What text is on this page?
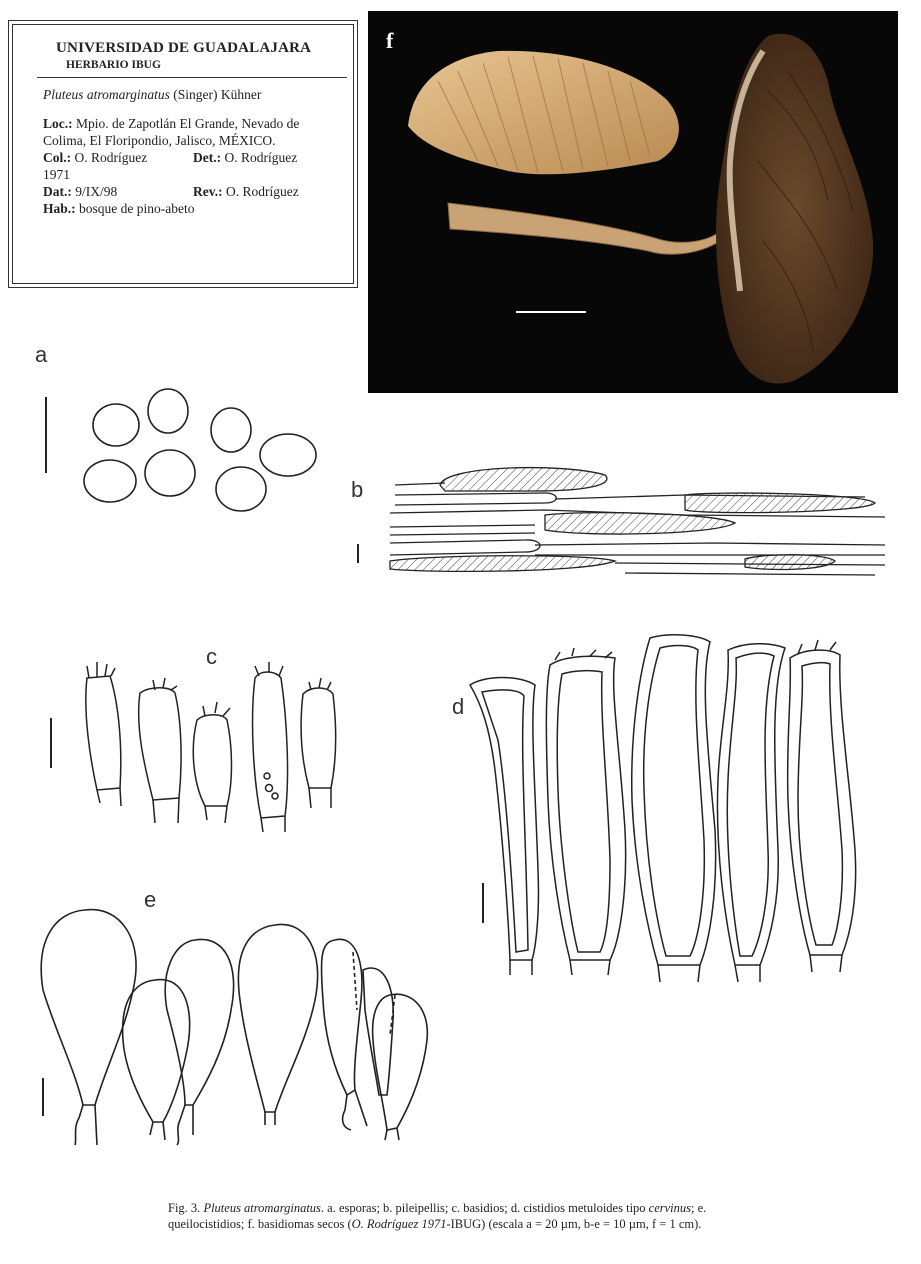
UNIVERSIDAD DE GUADALAJARA
HERBARIO IBUG
Pluteus atromarginatus (Singer) Kühner
Loc.: Mpio. de Zapotlán El Grande, Nevado de Colima, El Floripondio, Jalisco, MÉXICO.
Col.: O. Rodríguez	Det.: O. Rodríguez
1971
Dat.: 9/IX/98	Rev.: O. Rodríguez
Hab.: bosque de pino-abeto
f
a
b
c
d
e
Fig. 3. Pluteus atromarginatus. a. esporas; b. pileipellis; c. basidios; d. cistidios metuloides tipo cervinus; e. queilocistidios; f. basidiomas secos (O. Rodríguez 1971-IBUG) (escala a = 20 µm, b-e = 10 µm, f = 1 cm).
